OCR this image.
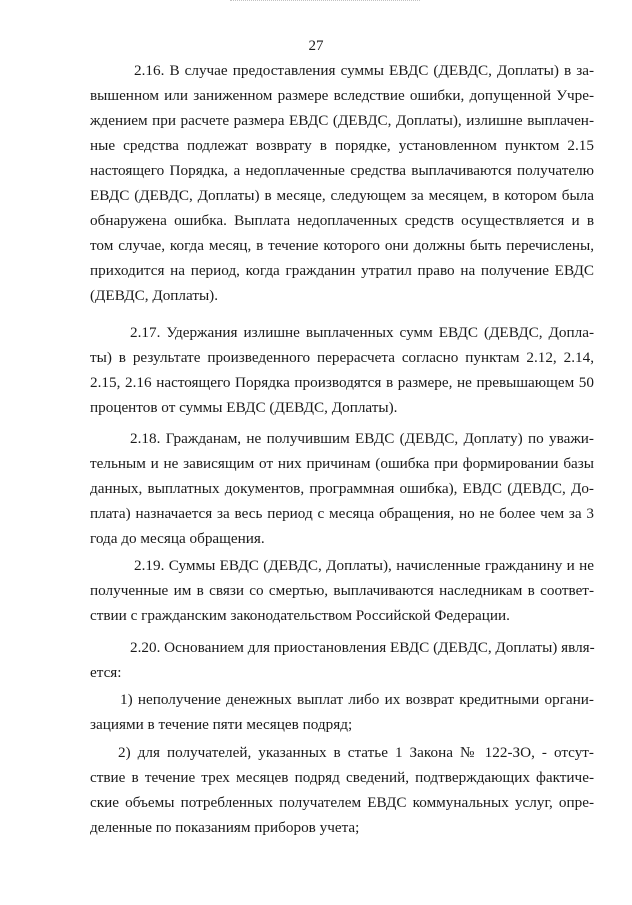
27
2.16. В случае предоставления суммы ЕВДС (ДЕВДС, Доплаты) в за-
вышенном или заниженном размере вследствие ошибки, допущенной Учре-
ждением при расчете размера ЕВДС (ДЕВДС, Доплаты), излишне выплачен-
ные средства подлежат возврату в порядке, установленном пунктом 2.15
настоящего Порядка, а недоплаченные средства выплачиваются получателю
ЕВДС (ДЕВДС, Доплаты) в месяце, следующем за месяцем, в котором была
обнаружена ошибка. Выплата недоплаченных средств осуществляется и в
том случае, когда месяц, в течение которого они должны быть перечислены,
приходится на период, когда гражданин утратил право на получение ЕВДС
(ДЕВДС, Доплаты).
2.17. Удержания излишне выплаченных сумм ЕВДС (ДЕВДС, Допла-
ты) в результате произведенного перерасчета согласно пунктам 2.12, 2.14,
2.15, 2.16 настоящего Порядка производятся в размере, не превышающем 50
процентов от суммы ЕВДС (ДЕВДС, Доплаты).
2.18. Гражданам, не получившим ЕВДС (ДЕВДС, Доплату) по уважи-
тельным и не зависящим от них причинам (ошибка при формировании базы
данных, выплатных документов, программная ошибка), ЕВДС (ДЕВДС, До-
плата) назначается за весь период с месяца обращения, но не более чем за 3
года до месяца обращения.
2.19. Суммы ЕВДС (ДЕВДС, Доплаты), начисленные гражданину и не
полученные им в связи со смертью, выплачиваются наследникам в соответ-
ствии с гражданским законодательством Российской Федерации.
2.20. Основанием для приостановления ЕВДС (ДЕВДС, Доплаты) явля-
ется:
1) неполучение денежных выплат либо их возврат кредитными органи-
зациями в течение пяти месяцев подряд;
2) для получателей, указанных в статье 1 Закона № 122-ЗО, - отсут-
ствие в течение трех месяцев подряд сведений, подтверждающих фактиче-
ские объемы потребленных получателем ЕВДС коммунальных услуг, опре-
деленные по показаниям приборов учета;
